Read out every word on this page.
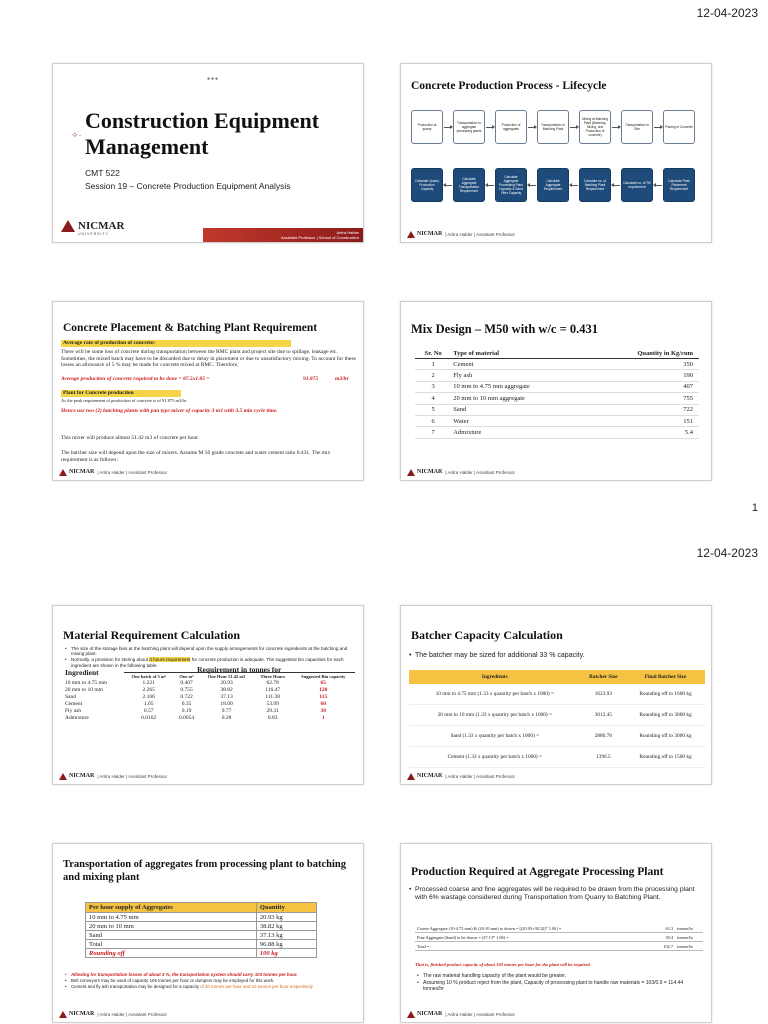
12-04-2023
●●●
✧·
Construction Equipment
Management
CMT 522
Session 19 – Concrete Production Equipment Analysis
NICMAR
UNIVERSITY	Aritra Halder
Assistant Professor | School of Construction
Concrete Production Process - Lifecycle
Production at quarry
Transportation to aggregate processing plants
Production of aggregates
Transportation to Batching Plant
Mixing at Batching Plant (Batching, Mixing, and Production of concrete)
Transportation to Site	Placing of Concrete
Calculate Quarry Production Capacity
Calculate Aggregate Transportation Requirement
Calculate Aggregate Processing Plant Capacity & Sand Filter Capacity
Calculate Aggregate Requirement
Calculate no. of Batching Plant Requirement
Calculate no. of TM requirement
Calculate Peak Placement Requirement
NICMAR | Aritra Halder | Assistant Professor
Concrete Placement & Batching Plant Requirement
Average rate of production of concrete:
There will be some loss of concrete during transportation between the RMC plant and project site due to spillage, leakage etc. Sometimes, the mixed batch may have to be discarded due to delay in placement or due to unsatisfactory mixing. To account for these losses an allowance of 5 % may be made for concrete mixed at RMC. Therefore,
Average production of concrete required to be done = 87.5x1.05 =	91.875	m3/hr
Plant for Concrete production
As the peak requirement of production of concrete is of 91.875 m3/hr
Hence use two (2) batching plants with pan type mixer of capacity 3 m3 with 3.5 min cycle time.
This mixer will produce almost 51.42 m3 of concrete per hour.
The batcher size will depend upon the size of mixers. Assume M 50 grade concrete and water cement ratio 0.431. The mix requirement is as follows:
NICMAR | Aritra Halder | Assistant Professor
Mix Design – M50 with w/c = 0.431
Sr. No	Type of material	Quantity in Kg/cum
1	Cement	350
2	Fly ash	190
3	10 mm to 4.75 mm aggregate	407
4	20 mm to 10 mm aggregate	755
5	Sand	722
6	Water	151
7	Admixture	5.4
NICMAR | Aritra Halder | Assistant Professor
1
12-04-2023
Material Requirement Calculation
• The size of the storage bins at the batching plant will depend upon the supply arrangements for concrete ingredients at the batching and mixing plant.
• Normally, a provision for storing about 3 hours requirement for concrete production is adequate. The suggested bin capacities for each ingredient are shown in the following table.
Ingredient	Requirement in tonnes for				
	One batch of 3 m³	One m³	One Hour 51.42 m3	Three Hours	Suggested Bin capacity
10 mm to 4.75 mm	1.221	0.407	20.93	62.78	65
20 mm to 10 mm	2.265	0.755	38.82	116.47	120
Sand	2.166	0.722	37.13	111.38	115
Cement	1.05	0.35	18.00	53.99	60
Fly ash	0.57	0.19	9.77	29.31	30
Admixture	0.0162	0.0054	0.28	0.83	1
NICMAR | Aritra Halder | Assistant Professor
Batcher Capacity Calculation
• The batcher may be sized for additional 33 % capacity.
Ingredients	Batcher Size	Final Batcher Size
10 mm to 4.75 mm (1.33 x quantity per batch x 1000) =	1623.93	Rounding off to 1600 kg
20 mm to 10 mm (1.33 x quantity per batch x 1000) =	3012.45	Rounding off to 3000 kg
Sand (1.33 x quantity per batch x 1000) =	2880.78	Rounding off to 3000 kg
Cement (1.33 x quantity per batch x 1000) =	1396.5	Rounding off to 1500 kg
NICMAR | Aritra Halder | Assistant Professor
Transportation of aggregates from processing plant to batching and mixing plant
Per hour supply of Aggregates	Quantity
10 mm to 4.75 mm	20.93 kg
20 mm to 10 mm	38.82 kg
Sand	37.13 kg
Total	96.88 kg
Rounding off	100 kg
• Allowing for transportation losses of about 3 %, the transportation system should carry 103 tonnes per hour.
• Belt conveyors may be used of capacity 105 tonnes per hour or dumpers may be employed for this work.
• Cement and fly ash transportation may be designed for a capacity of 20 tonnes per hour and 10 tonnes per hour respectively
NICMAR | Aritra Halder | Assistant Professor
Production Required at Aggregate Processing Plant
• Processed coarse and fine aggregates will be required to be drawn from the processing plant with 6% wastage considered during Transportation from Quarry to Batching Plant.
Coarse Aggregate (10-4.75 mm) & (20-10 mm) to drawn = [(20.93+38.32)* 1.06] =	63.3	tonnes/hr
Fine Aggregate (Sand) to be drawn = (37.13* 1.06) =	39.4	tonnes/hr
Total =	102.7	tonnes/hr
That is, finished product capacity of about 103 tonnes per hour for the plant will be required.
• The raw material handling capacity of the plant would be greater.
• Assuming 10 % product reject from the plant, Capacity of processing plant to handle raw materials = 103/0.9 = 114.44 tonnes/hr
NICMAR | Aritra Halder | Assistant Professor
